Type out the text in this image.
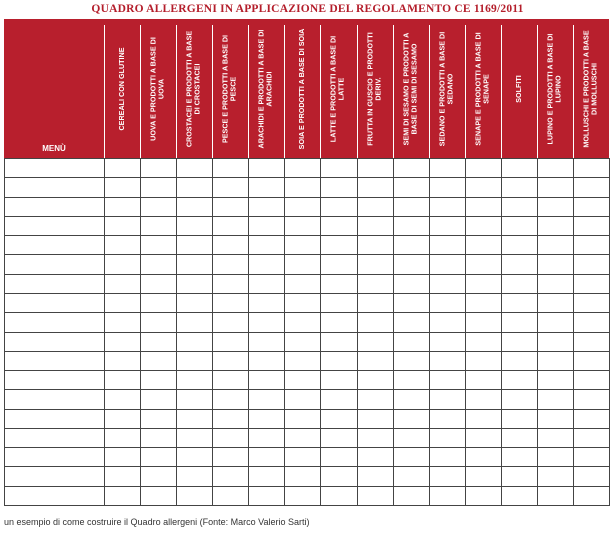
QUADRO ALLERGENI IN APPLICAZIONE DEL REGOLAMENTO CE 1169/2011
MENÙ
CEREALI CON GLUTINE	UOVA E PRODOTTI A BASE DI UOVA	CROSTACEI E PRODOTTI A BASE DI CROSTACEI	PESCE E PRODOTTI A BASE DI PESCE	ARACHIDI E PRODOTTI A BASE DI ARACHIDI	SOIA E PRODOTTI A BASE DI SOIA	LATTE E PRODOTTI A BASE DI LATTE	FRUTTA IN GUSCIO E PRODOTTI DERIV.	SEMI DI SESAMO E PRODOTTI A BASE DI SEMI DI SESAMO	SEDANO E PRODOTTI A BASE DI SEDANO	SENAPE E PRODOTTI A BASE DI SENAPE	SOLFITI	LUPINO E PRODOTTI A BASE DI LUPINO	MOLLUSCHI E PRODOTTI A BASE DI MOLLUSCHI
un esempio di come costruire il Quadro allergeni (Fonte: Marco Valerio Sarti)
